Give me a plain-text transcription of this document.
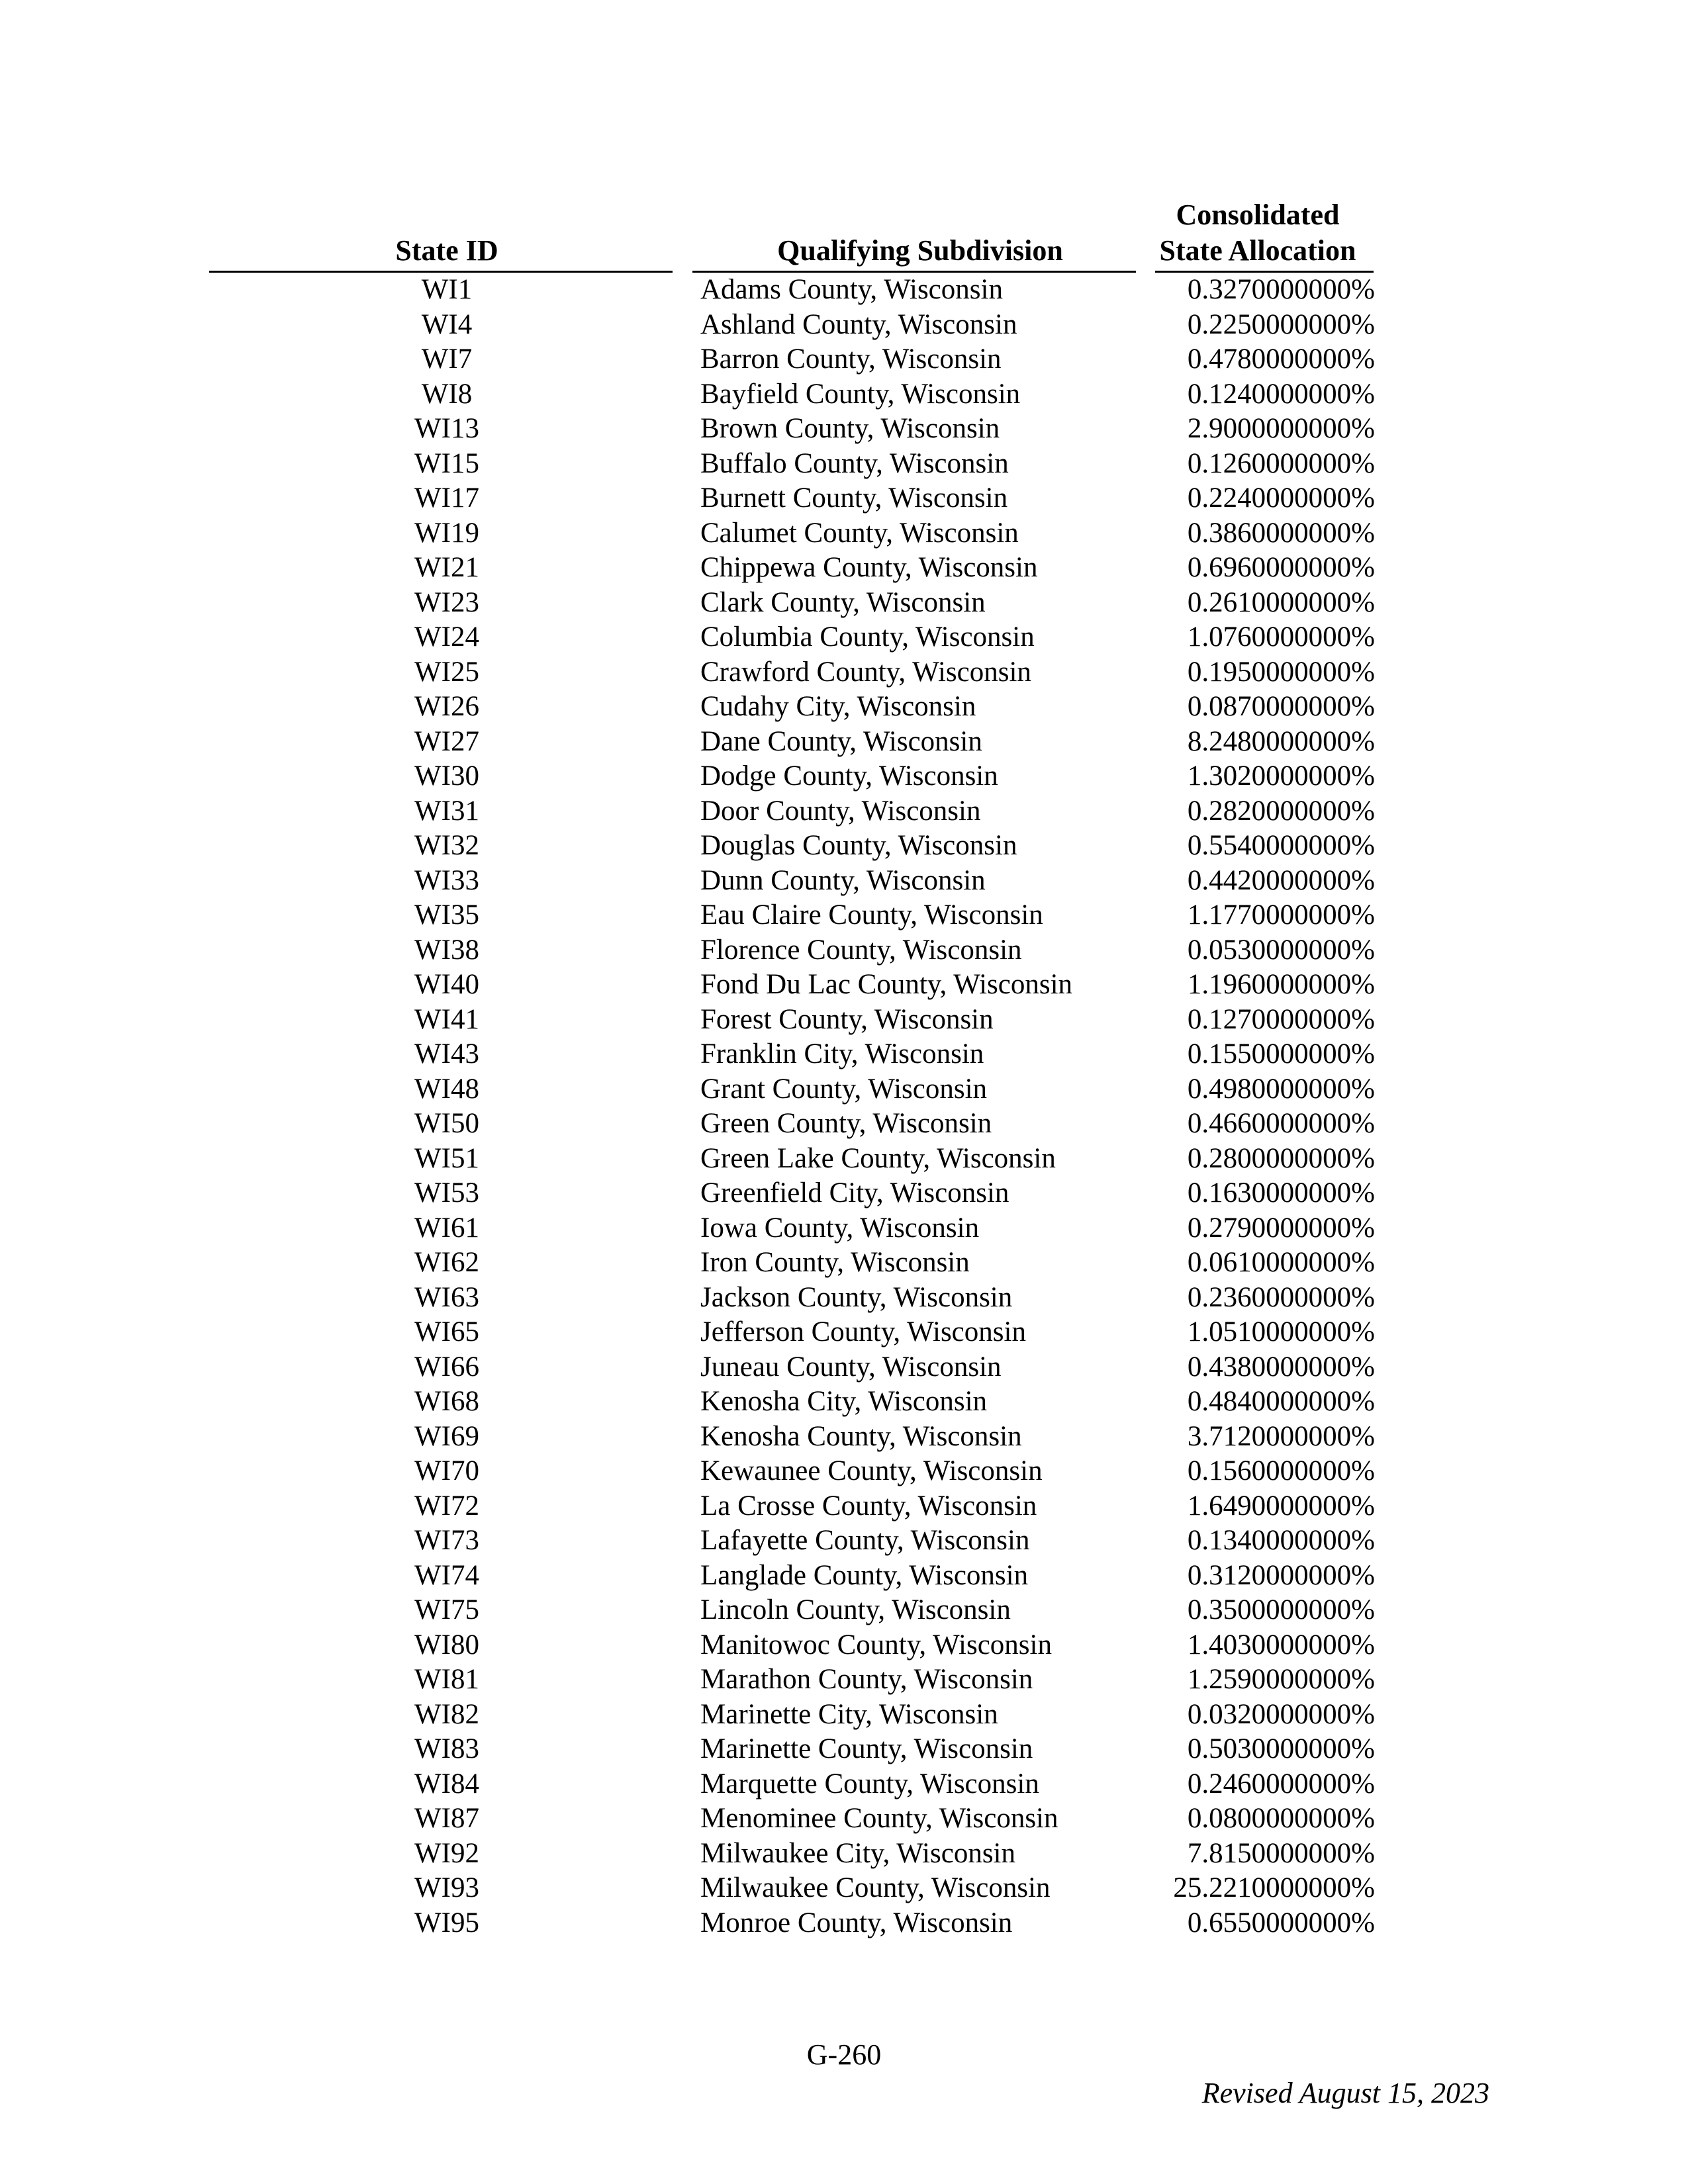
State ID	Qualifying Subdivision
Consolidated
State Allocation
WI1	Adams County, Wisconsin	0.3270000000%
WI4	Ashland County, Wisconsin	0.2250000000%
WI7	Barron County, Wisconsin	0.4780000000%
WI8	Bayfield County, Wisconsin	0.1240000000%
WI13	Brown County, Wisconsin	2.9000000000%
WI15	Buffalo County, Wisconsin	0.1260000000%
WI17	Burnett County, Wisconsin	0.2240000000%
WI19	Calumet County, Wisconsin	0.3860000000%
WI21	Chippewa County, Wisconsin	0.6960000000%
WI23	Clark County, Wisconsin	0.2610000000%
WI24	Columbia County, Wisconsin	1.0760000000%
WI25	Crawford County, Wisconsin	0.1950000000%
WI26	Cudahy City, Wisconsin	0.0870000000%
WI27	Dane County, Wisconsin	8.2480000000%
WI30	Dodge County, Wisconsin	1.3020000000%
WI31	Door County, Wisconsin	0.2820000000%
WI32	Douglas County, Wisconsin	0.5540000000%
WI33	Dunn County, Wisconsin	0.4420000000%
WI35	Eau Claire County, Wisconsin	1.1770000000%
WI38	Florence County, Wisconsin	0.0530000000%
WI40	Fond Du Lac County, Wisconsin	1.1960000000%
WI41	Forest County, Wisconsin	0.1270000000%
WI43	Franklin City, Wisconsin	0.1550000000%
WI48	Grant County, Wisconsin	0.4980000000%
WI50	Green County, Wisconsin	0.4660000000%
WI51	Green Lake County, Wisconsin	0.2800000000%
WI53	Greenfield City, Wisconsin	0.1630000000%
WI61	Iowa County, Wisconsin	0.2790000000%
WI62	Iron County, Wisconsin	0.0610000000%
WI63	Jackson County, Wisconsin	0.2360000000%
WI65	Jefferson County, Wisconsin	1.0510000000%
WI66	Juneau County, Wisconsin	0.4380000000%
WI68	Kenosha City, Wisconsin	0.4840000000%
WI69	Kenosha County, Wisconsin	3.7120000000%
WI70	Kewaunee County, Wisconsin	0.1560000000%
WI72	La Crosse County, Wisconsin	1.6490000000%
WI73	Lafayette County, Wisconsin	0.1340000000%
WI74	Langlade County, Wisconsin	0.3120000000%
WI75	Lincoln County, Wisconsin	0.3500000000%
WI80	Manitowoc County, Wisconsin	1.4030000000%
WI81	Marathon County, Wisconsin	1.2590000000%
WI82	Marinette City, Wisconsin	0.0320000000%
WI83	Marinette County, Wisconsin	0.5030000000%
WI84	Marquette County, Wisconsin	0.2460000000%
WI87	Menominee County, Wisconsin	0.0800000000%
WI92	Milwaukee City, Wisconsin	7.8150000000%
WI93	Milwaukee County, Wisconsin	25.2210000000%
WI95	Monroe County, Wisconsin	0.6550000000%
G-260
Revised August 15, 2023
